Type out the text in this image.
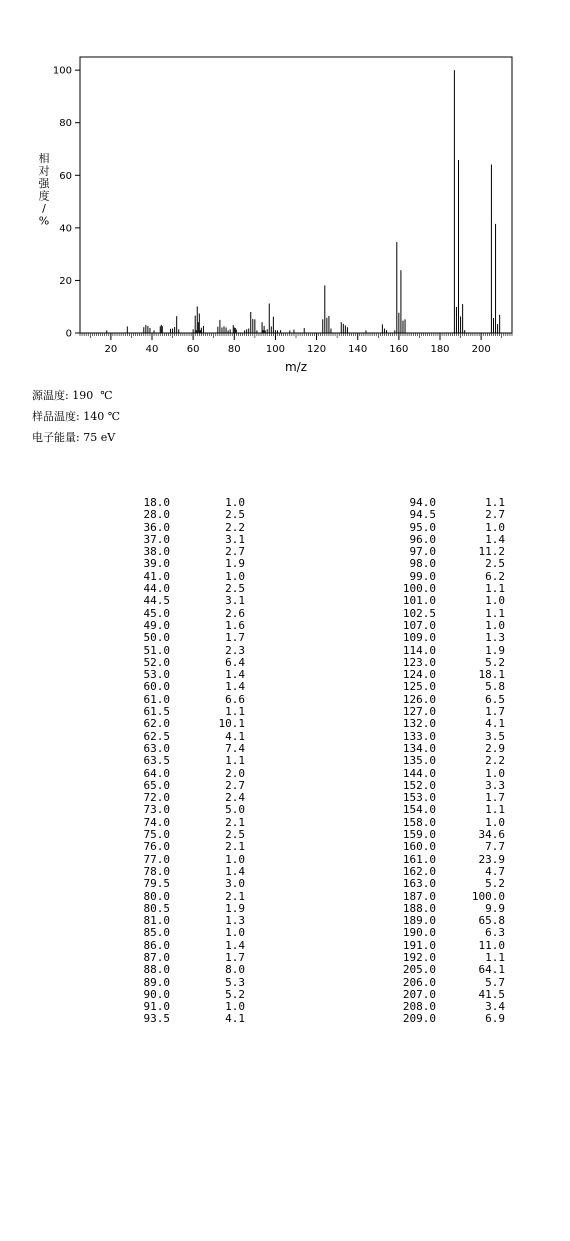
20	40	60	80	100 120 140 160 180 200
0
20
40
60
80
100
m/z
相
对
强
度
/
%
源温度: 190  ℃
样品温度: 140 ℃
电子能量: 75 eV
18.0	1.0
28.0	2.5
36.0	2.2
37.0	3.1
38.0	2.7
39.0	1.9
41.0	1.0
44.0	2.5
44.5	3.1
45.0	2.6
49.0	1.6
50.0	1.7
51.0	2.3
52.0	6.4
53.0	1.4
60.0	1.4
61.0	6.6
61.5	1.1
62.0	10.1
62.5	4.1
63.0	7.4
63.5	1.1
64.0	2.0
65.0	2.7
72.0	2.4
73.0	5.0
74.0	2.1
75.0	2.5
76.0	2.1
77.0	1.0
78.0	1.4
79.5	3.0
80.0	2.1
80.5	1.9
81.0	1.3
85.0	1.0
86.0	1.4
87.0	1.7
88.0	8.0
89.0	5.3
90.0	5.2
91.0	1.0
93.5	4.1
94.0	1.1
94.5	2.7
95.0	1.0
96.0	1.4
97.0	11.2
98.0	2.5
99.0	6.2
100.0	1.1
101.0	1.0
102.5	1.1
107.0	1.0
109.0	1.3
114.0	1.9
123.0	5.2
124.0	18.1
125.0	5.8
126.0	6.5
127.0	1.7
132.0	4.1
133.0	3.5
134.0	2.9
135.0	2.2
144.0	1.0
152.0	3.3
153.0	1.7
154.0	1.1
158.0	1.0
159.0	34.6
160.0	7.7
161.0	23.9
162.0	4.7
163.0	5.2
187.0	100.0
188.0	9.9
189.0	65.8
190.0	6.3
191.0	11.0
192.0	1.1
205.0	64.1
206.0	5.7
207.0	41.5
208.0	3.4
209.0	6.9
